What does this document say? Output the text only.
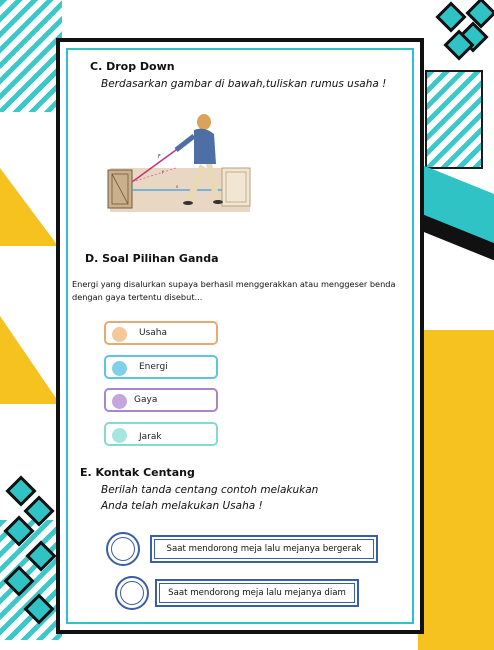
C. Drop Down
Berdasarkan gambar di bawah,tuliskan rumus usaha !
F
f
s
D. Soal Pilihan Ganda
Energi yang disalurkan supaya berhasil menggerakkan atau menggeser benda
dengan gaya tertentu disebut...
Usaha
Energi
Gaya
Jarak
E. Kontak Centang
Berilah tanda centang contoh melakukan
Anda telah melakukan Usaha !
Saat mendorong meja lalu mejanya bergerak
Saat mendorong meja lalu mejanya diam
